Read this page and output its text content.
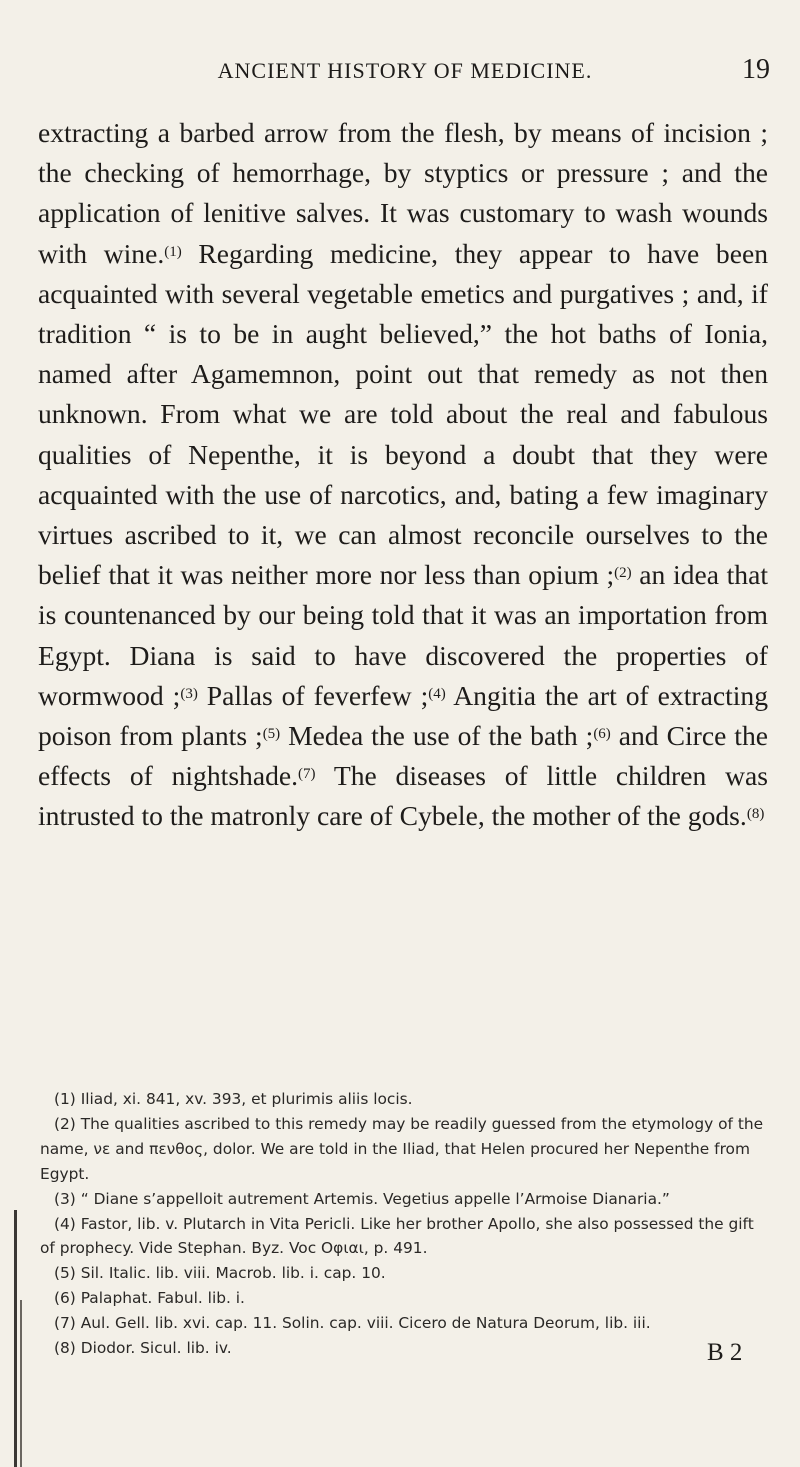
ANCIENT HISTORY OF MEDICINE.	19

extracting a barbed arrow from the flesh, by means of incision ; the checking of hemorrhage, by styptics or pressure ; and the application of lenitive salves. It was customary to wash wounds with wine.$^{(1)}$ Regarding medicine, they appear to have been acquainted with several vegetable emetics and purgatives ; and, if tradition “ is to be in aught believed,” the hot baths of Ionia, named after Agamemnon, point out that remedy as not then unknown. From what we are told about the real and fabulous qualities of Nepenthe, it is beyond a doubt that they were acquainted with the use of narcotics, and, bating a few imaginary virtues ascribed to it, we can almost reconcile ourselves to the belief that it was neither more nor less than opium ;$^{(2)}$ an idea that is countenanced by our being told that it was an importation from Egypt. Diana is said to have discovered the properties of wormwood ;$^{(3)}$ Pallas of feverfew ;$^{(4)}$ Angitia the art of extracting poison from plants ;$^{(5)}$ Medea the use of the bath ;$^{(6)}$ and Circe the effects of nightshade.$^{(7)}$ The diseases of little children was intrusted to the matronly care of Cybele, the mother of the gods.$^{(8)}$

(1) Iliad, xi. 841, xv. 393, et plurimis aliis locis.

(2) The qualities ascribed to this remedy may be readily guessed from the etymology of the name, νε and πενθος, dolor. We are told in the Iliad, that Helen procured her Nepenthe from Egypt.

(3) “ Diane s’appelloit autrement Artemis. Vegetius appelle l’Armoise Dianaria.”

(4) Fastor, lib. v. Plutarch in Vita Pericli. Like her brother Apollo, she also possessed the gift of prophecy. Vide Stephan. Byz. Voc Οφιαι, p. 491.

(5) Sil. Italic. lib. viii. Macrob. lib. i. cap. 10.

(6) Palaphat. Fabul. lib. i.

(7) Aul. Gell. lib. xvi. cap. 11. Solin. cap. viii. Cicero de Natura Deorum, lib. iii.

(8) Diodor. Sicul. lib. iv.	B 2
